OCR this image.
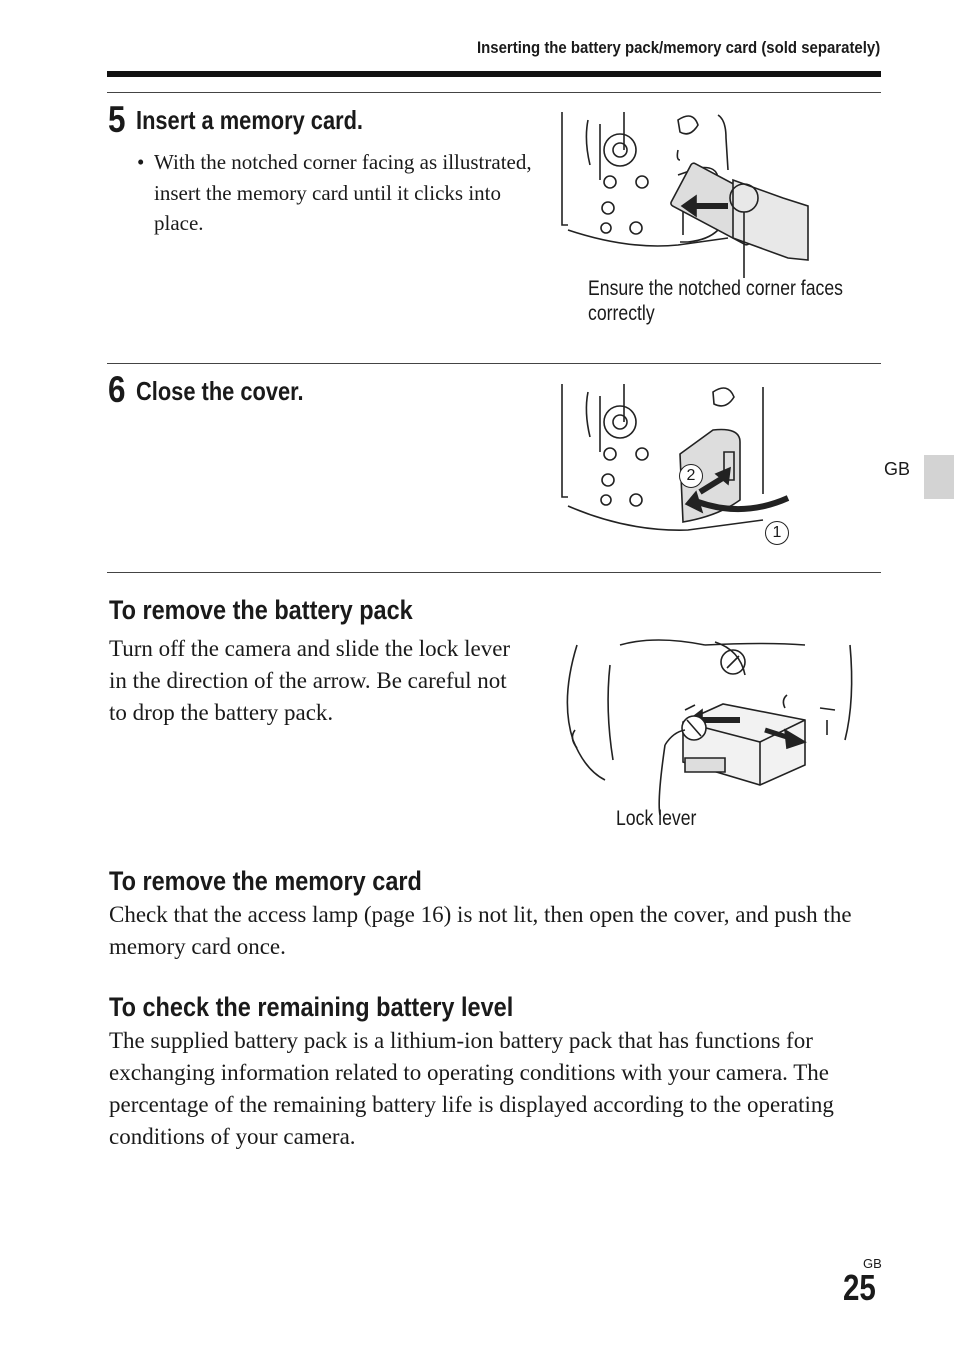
Inserting the battery pack/memory card (sold separately)
5 Insert a memory card.
• With the notched corner facing as illustrated, insert the memory card until it clicks into place.
Ensure the notched corner faces
correctly
6 Close the cover.
2
1
GB
To remove the battery pack
Turn off the camera and slide the lock lever in the direction of the arrow. Be careful not to drop the battery pack.
Lock lever
To remove the memory card
Check that the access lamp (page 16) is not lit, then open the cover, and push the memory card once.
To check the remaining battery level
The supplied battery pack is a lithium-ion battery pack that has functions for exchanging information related to operating conditions with your camera. The percentage of the remaining battery life is displayed according to the operating conditions of your camera.
GB
25
